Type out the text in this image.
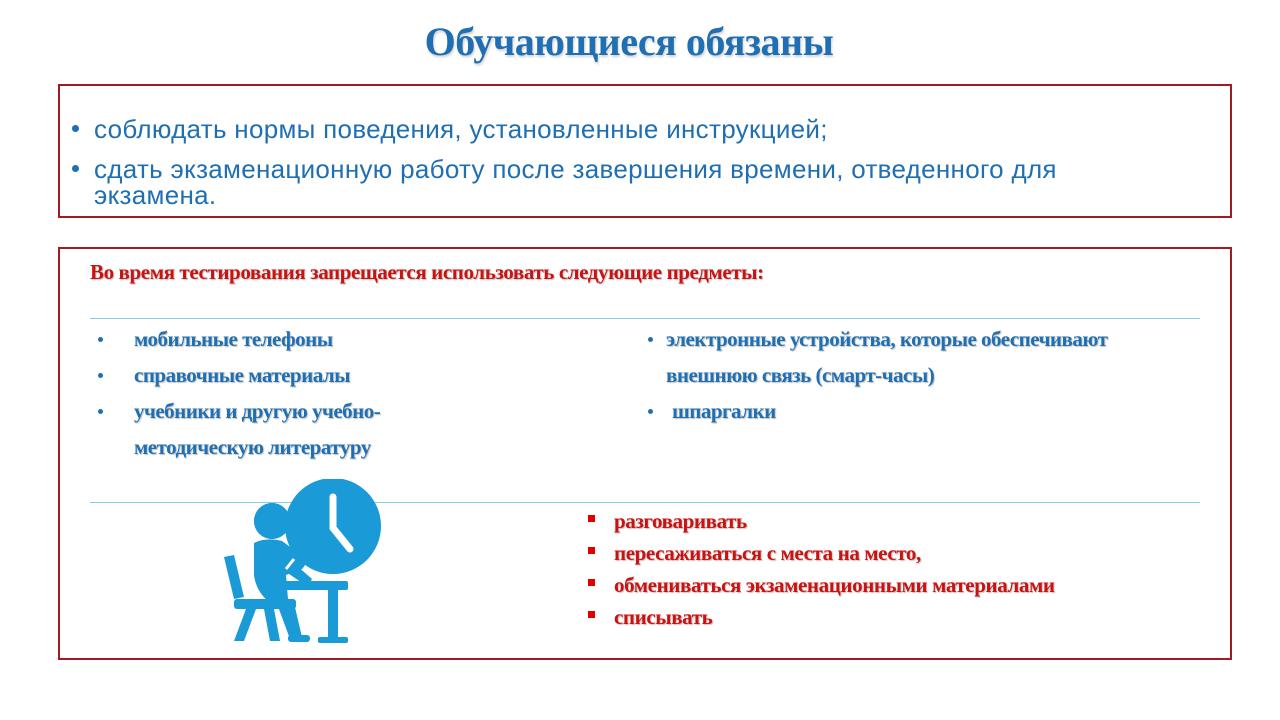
Обучающиеся обязаны
соблюдать нормы поведения, установленные инструкцией;
сдать экзаменационную работу после завершения времени, отведенного для экзамена.
Во время тестирования запрещается использовать следующие предметы:
мобильные телефоны
справочные материалы
учебники и другую учебно-методическую литературу
электронные устройства, которые обеспечивают внешнюю связь (смарт-часы)
шпаргалки
разговаривать
пересаживаться с места на место,
обмениваться экзаменационными материалами
списывать
